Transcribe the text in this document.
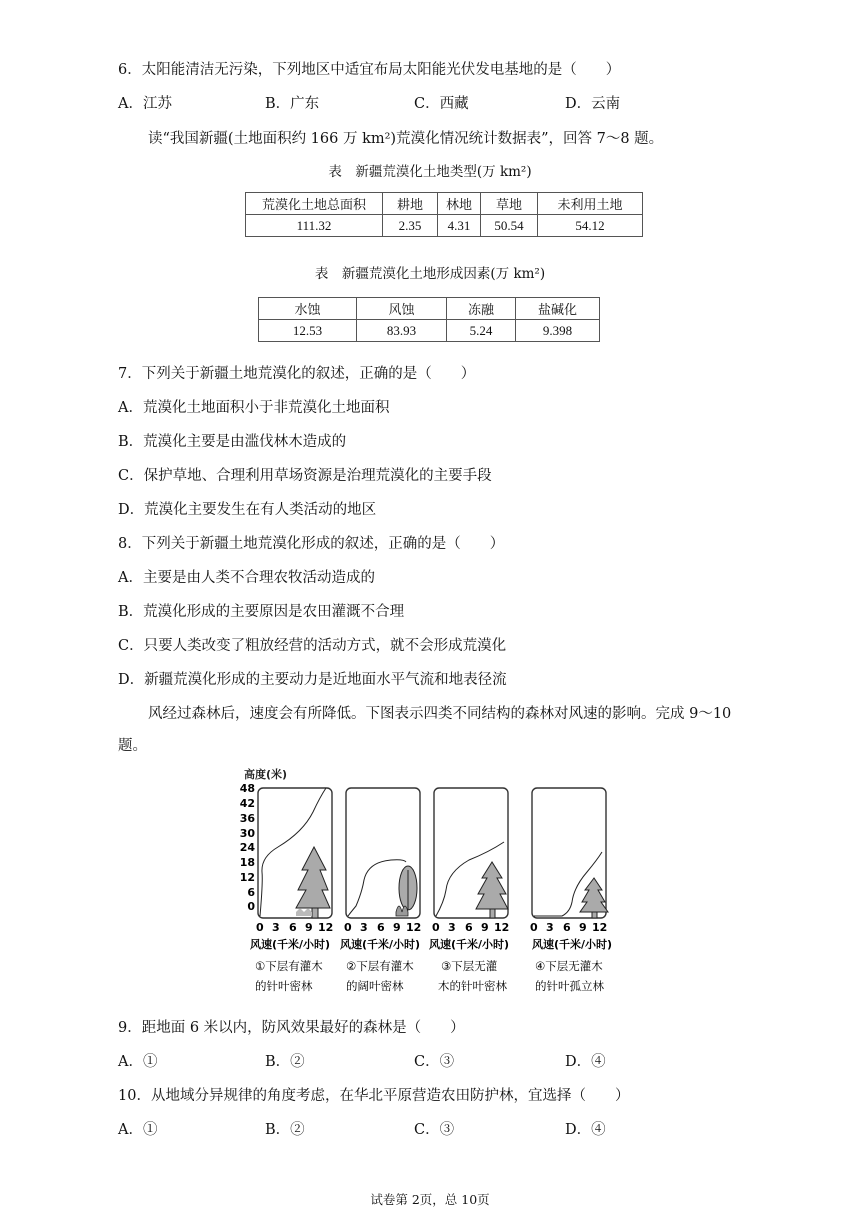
6．太阳能清洁无污染，下列地区中适宜布局太阳能光伏发电基地的是（　　）
A．江苏	B．广东	C．西藏	D．云南
读“我国新疆(土地面积约 166 万 km²)荒漠化情况统计数据表”，回答 7～8 题。
表　新疆荒漠化土地类型(万 km²)
荒漠化土地总面积	耕地	林地	草地	未利用土地
111.32	2.35	4.31	50.54	54.12
表　新疆荒漠化土地形成因素(万 km²)
水蚀	风蚀	冻融	盐碱化
12.53	83.93	5.24	9.398
7．下列关于新疆土地荒漠化的叙述，正确的是（　　）
A．荒漠化土地面积小于非荒漠化土地面积
B．荒漠化主要是由滥伐林木造成的
C．保护草地、合理利用草场资源是治理荒漠化的主要手段
D．荒漠化主要发生在有人类活动的地区
8．下列关于新疆土地荒漠化形成的叙述，正确的是（　　）
A．主要是由人类不合理农牧活动造成的
B．荒漠化形成的主要原因是农田灌溉不合理
C．只要人类改变了粗放经营的活动方式，就不会形成荒漠化
D．新疆荒漠化形成的主要动力是近地面水平气流和地表径流
风经过森林后，速度会有所降低。下图表示四类不同结构的森林对风速的影响。完成 9～10
题。
高度(米)
48
42
36
30
24
18
12
6
0
0 3 6 9 12 0 3 6 9 12 0 3 6 9 12 0 3 6 9 12
风速(千米/小时) 风速(千米/小时) 风速(千米/小时) 风速(千米/小时)
①下层有灌木
的针叶密林
②下层有灌木
的阔叶密林
③下层无灌
木的针叶密林
④下层无灌木
的针叶孤立林
9．距地面 6 米以内，防风效果最好的森林是（　　）
A．①	B．②	C．③	D．④
10．从地域分异规律的角度考虑，在华北平原营造农田防护林，宜选择（　　）
A．①	B．②	C．③	D．④
试卷第 2页，总 10页
